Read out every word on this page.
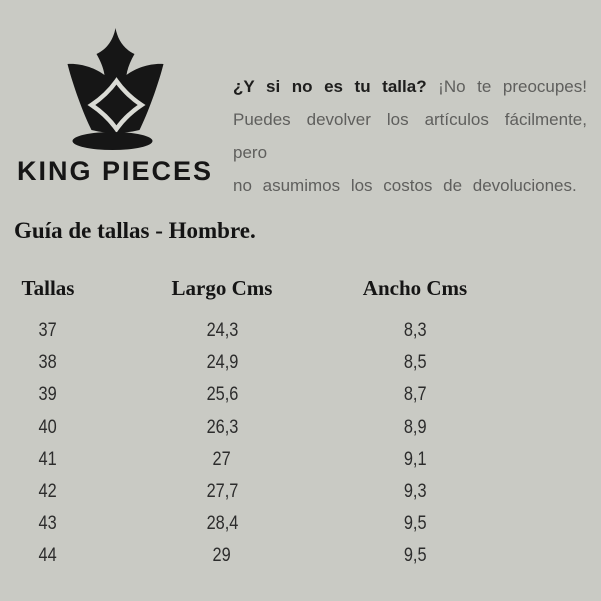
KING PIECES
¿Y si no es tu talla? ¡No te preocupes!
Puedes devolver los artículos fácilmente, pero
no asumimos los costos de devoluciones.
Guía de tallas - Hombre.
Tallas	Largo Cms	Ancho Cms
37	24,3	8,3
38	24,9	8,5
39	25,6	8,7
40	26,3	8,9
41	27	9,1
42	27,7	9,3
43	28,4	9,5
44	29	9,5
